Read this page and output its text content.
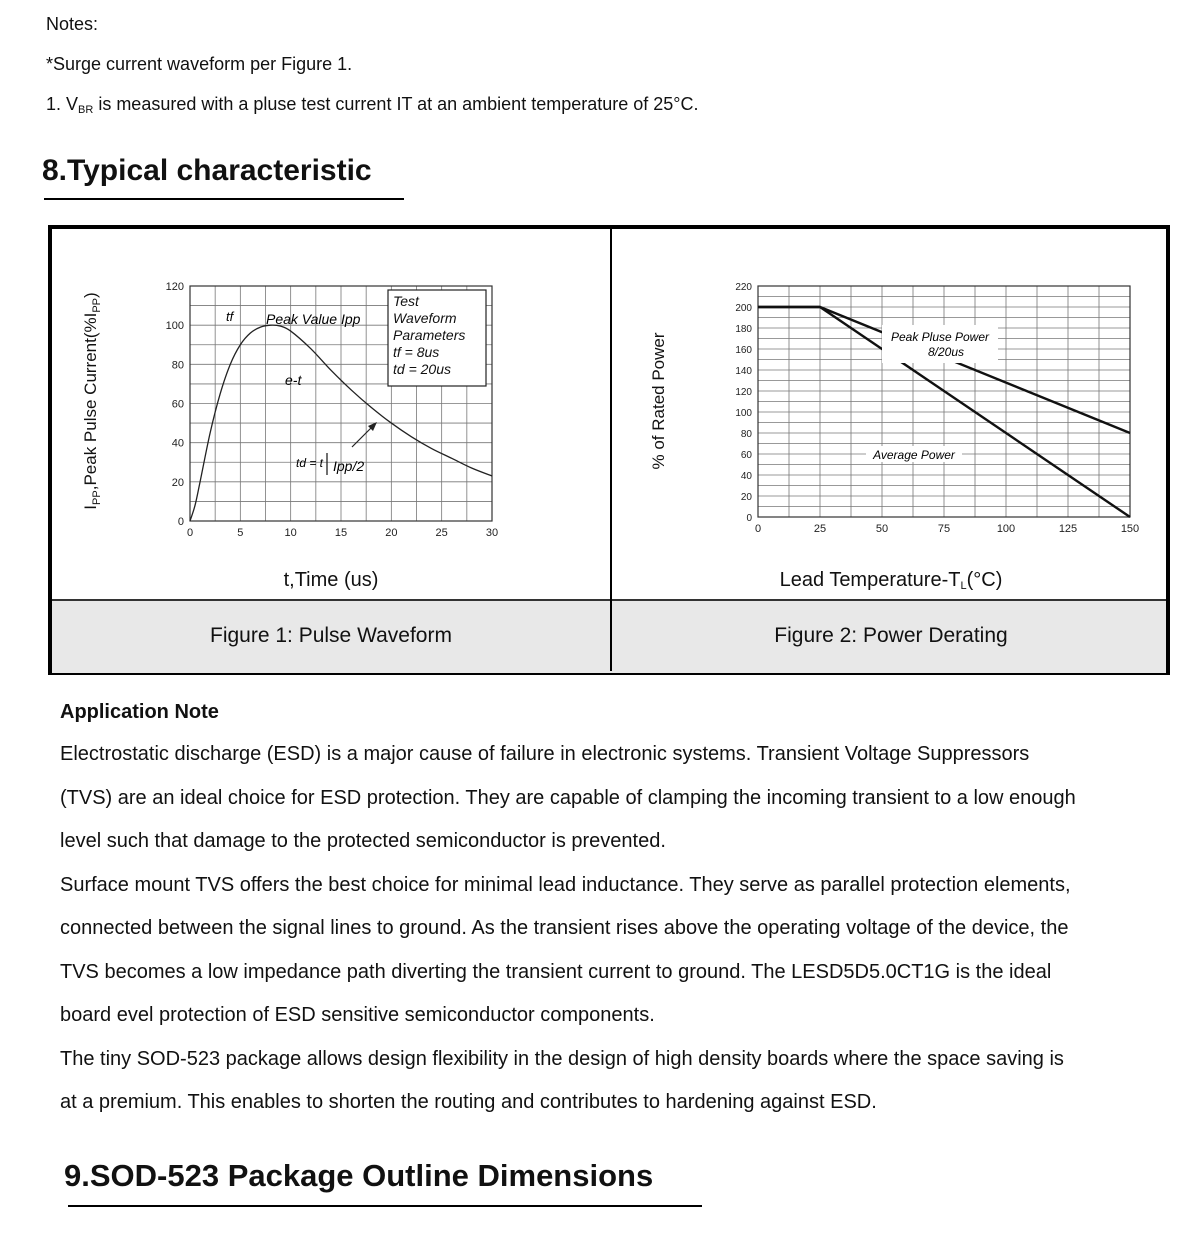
Notes:
*Surge current waveform per Figure 1.
1. $V_{BR}$ is measured with a pluse test current IT at an ambient temperature of 25°C.
8.Typical characteristic
0	5	10	15	20	25	30
0
20
40
60
80
100
120
$I_{PP},Peak$ Pulse $Current(\%I_{PP})$
tf Peak Value Ipp
e-t
td = t Ipp/2
Test
Waveform
Parameters
tf = 8us
td = 20us
t,Time (us)
Figure 1: Pulse Waveform
0	25	50	75	100	125	150
0
20
40
60
80
100
120
140
160
180
200
220
% of Rated Power	Peak Pluse Power
8/20us
Average Power
Lead Temperature-$T_L(^\circ C)$
Figure 2: Power Derating
Application Note
Electrostatic discharge (ESD) is a major cause of failure in electronic systems. Transient Voltage Suppressors
(TVS) are an ideal choice for ESD protection. They are capable of clamping the incoming transient to a low enough
level such that damage to the protected semiconductor is prevented.
Surface mount TVS offers the best choice for minimal lead inductance. They serve as parallel protection elements,
connected between the signal lines to ground. As the transient rises above the operating voltage of the device, the
TVS becomes a low impedance path diverting the transient current to ground. The LESD5D5.0CT1G is the ideal
board evel protection of ESD sensitive semiconductor components.
The tiny SOD-523 package allows design flexibility in the design of high density boards where the space saving is
at a premium. This enables to shorten the routing and contributes to hardening against ESD.
9.SOD-523 Package Outline Dimensions
